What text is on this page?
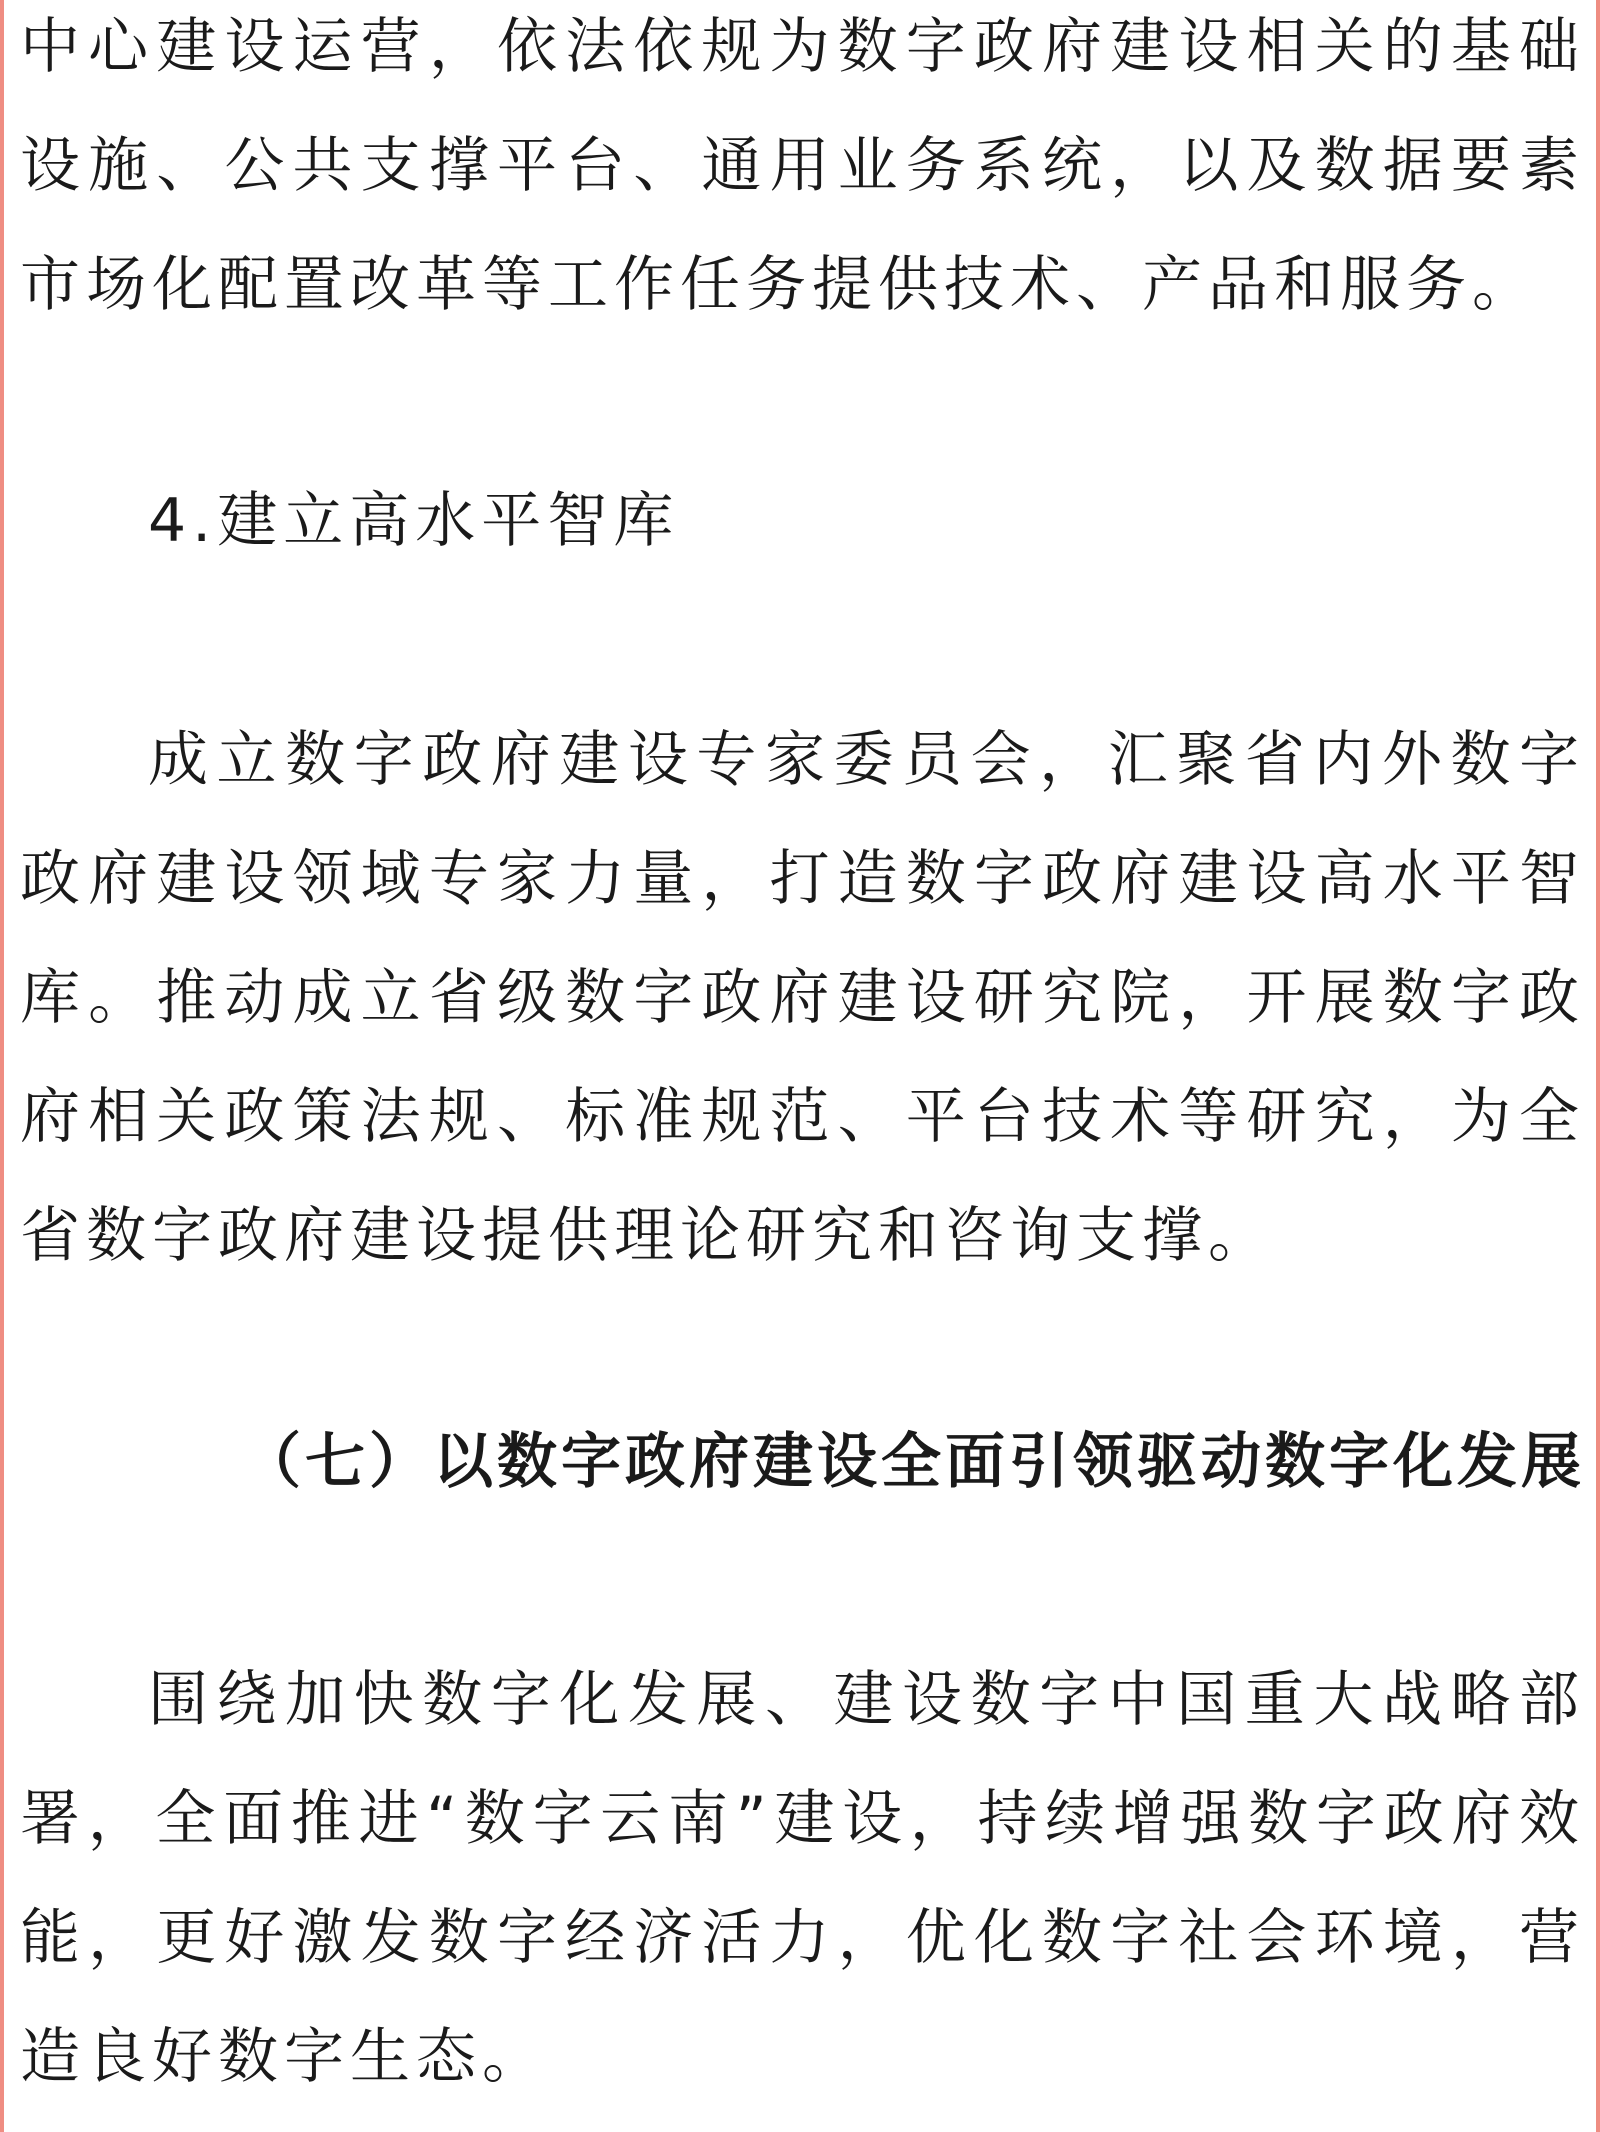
中心建设运营，依法依规为数字政府建设相关的基础设施、公共支撑平台、通用业务系统，以及数据要素市场化配置改革等工作任务提供技术、产品和服务。

4.建立高水平智库

成立数字政府建设专家委员会，汇聚省内外数字政府建设领域专家力量，打造数字政府建设高水平智库。推动成立省级数字政府建设研究院，开展数字政府相关政策法规、标准规范、平台技术等研究，为全省数字政府建设提供理论研究和咨询支撑。

（七）以数字政府建设全面引领驱动数字化发展

围绕加快数字化发展、建设数字中国重大战略部署，全面推进“数字云南”建设，持续增强数字政府效能，更好激发数字经济活力，优化数字社会环境，营造良好数字生态。
